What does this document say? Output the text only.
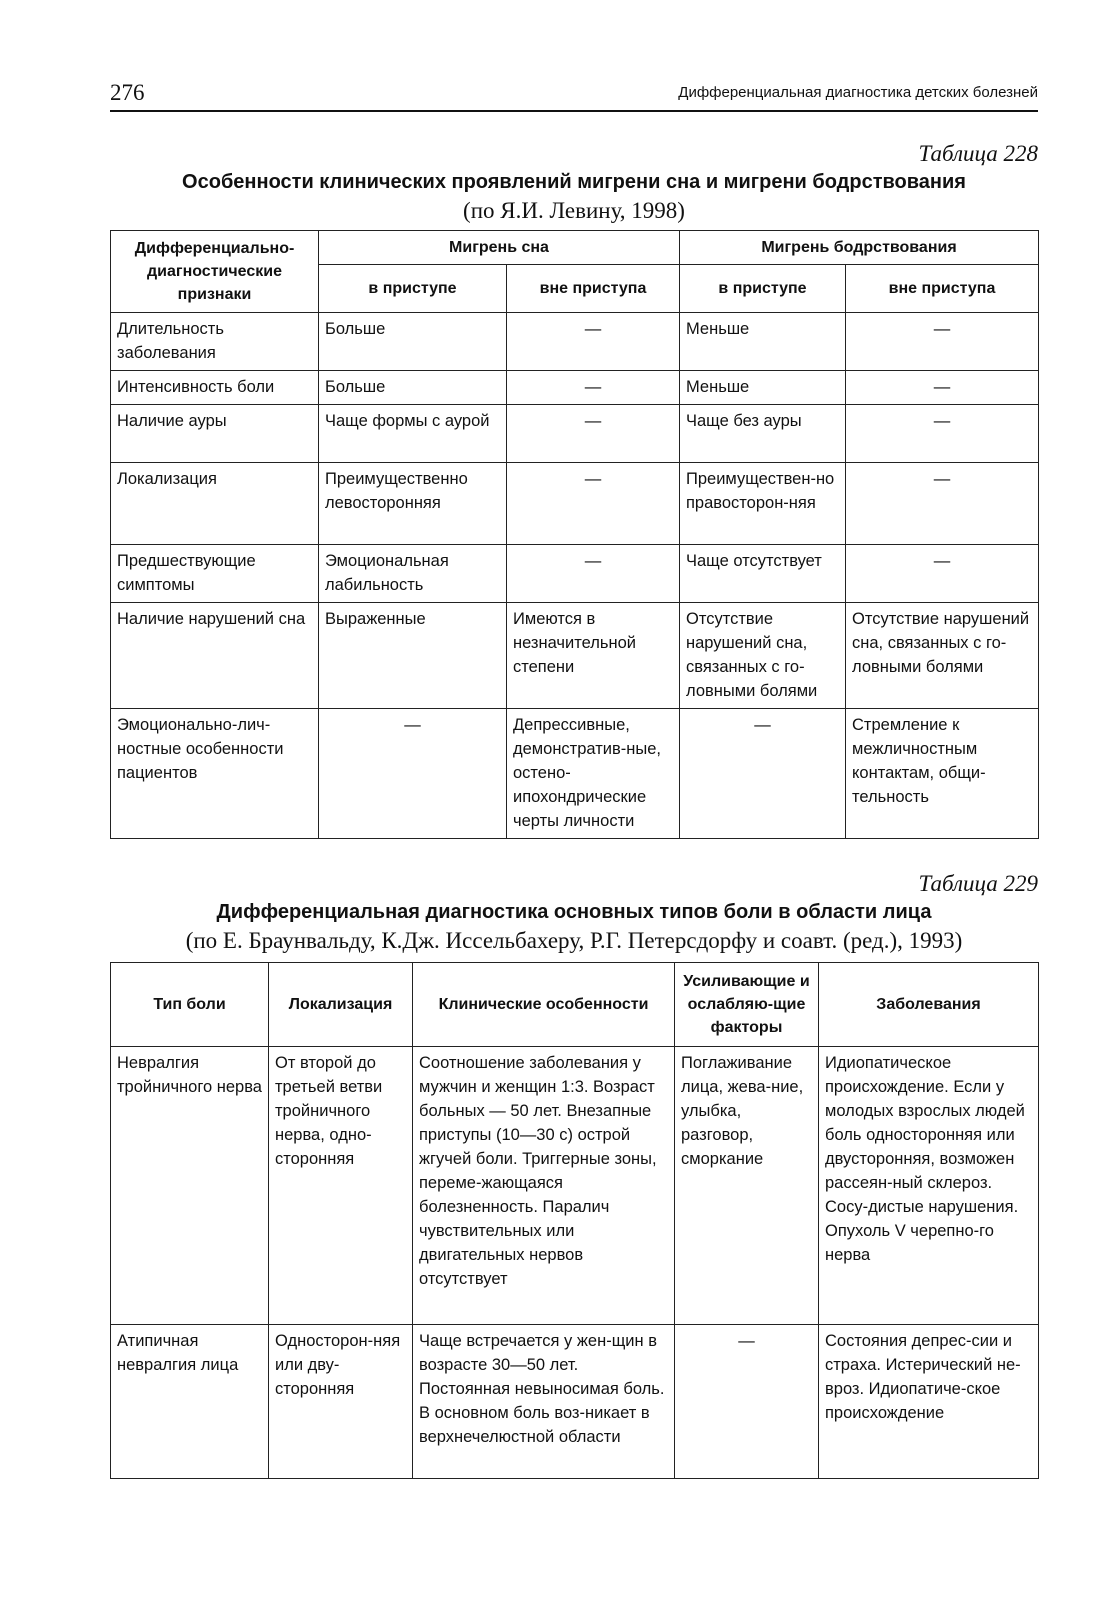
276	Дифференциальная диагностика детских болезней
Таблица 228
Особенности клинических проявлений мигрени сна и мигрени бодрствования
(по Я.И. Левину, 1998)
Дифференциально-диагностические признаки	Мигрень сна		Мигрень бодрствования	
	в приступе	вне приступа	в приступе	вне приступа
Длительность заболевания	Больше	—	Меньше	—
Интенсивность боли	Больше	—	Меньше	—
Наличие ауры	Чаще формы с аурой	—	Чаще без ауры	—
Локализация	Преимущественно левосторонняя	—	Преимуществен-но правосторон-няя	—
Предшествующие симптомы	Эмоциональная лабильность	—	Чаще отсутствует	—
Наличие нарушений сна	Выраженные	Имеются в незначительной степени	Отсутствие нарушений сна, связанных с го-ловными болями	Отсутствие нарушений сна, связанных с го-ловными болями
Эмоционально-лич-ностные особенности пациентов	—	Депрессивные, демонстратив-ные, остено-ипохондрические черты личности	—	Стремление к межличностным контактам, общи-тельность
Таблица 229
Дифференциальная диагностика основных типов боли в области лица
(по Е. Браунвальду, К.Дж. Иссельбахеру, Р.Г. Петерсдорфу и соавт. (ред.), 1993)
Тип боли	Локализация	Клинические особенности	Усиливающие и ослабляю-щие факторы	Заболевания
Невралгия тройничного нерва	От второй до третьей ветви тройничного нерва, одно-сторонняя	Соотношение заболевания у мужчин и женщин 1:3. Возраст больных — 50 лет. Внезапные приступы (10—30 с) острой жгучей боли. Триггерные зоны, переме-жающаяся болезненность. Паралич чувствительных или двигательных нервов отсутствует	Поглаживание лица, жева-ние, улыбка, разговор, сморкание	Идиопатическое происхождение. Если у молодых взрослых людей боль односторонняя или двусторонняя, возможен рассеян-ный склероз. Сосу-дистые нарушения. Опухоль V черепно-го нерва
Атипичная невралгия лица	Односторон-няя или дву-сторонняя	Чаще встречается у жен-щин в возрасте 30—50 лет. Постоянная невыносимая боль. В основном боль воз-никает в верхнечелюстной области	—	Состояния депрес-сии и страха. Истерический не-вроз. Идиопатиче-ское происхождение
